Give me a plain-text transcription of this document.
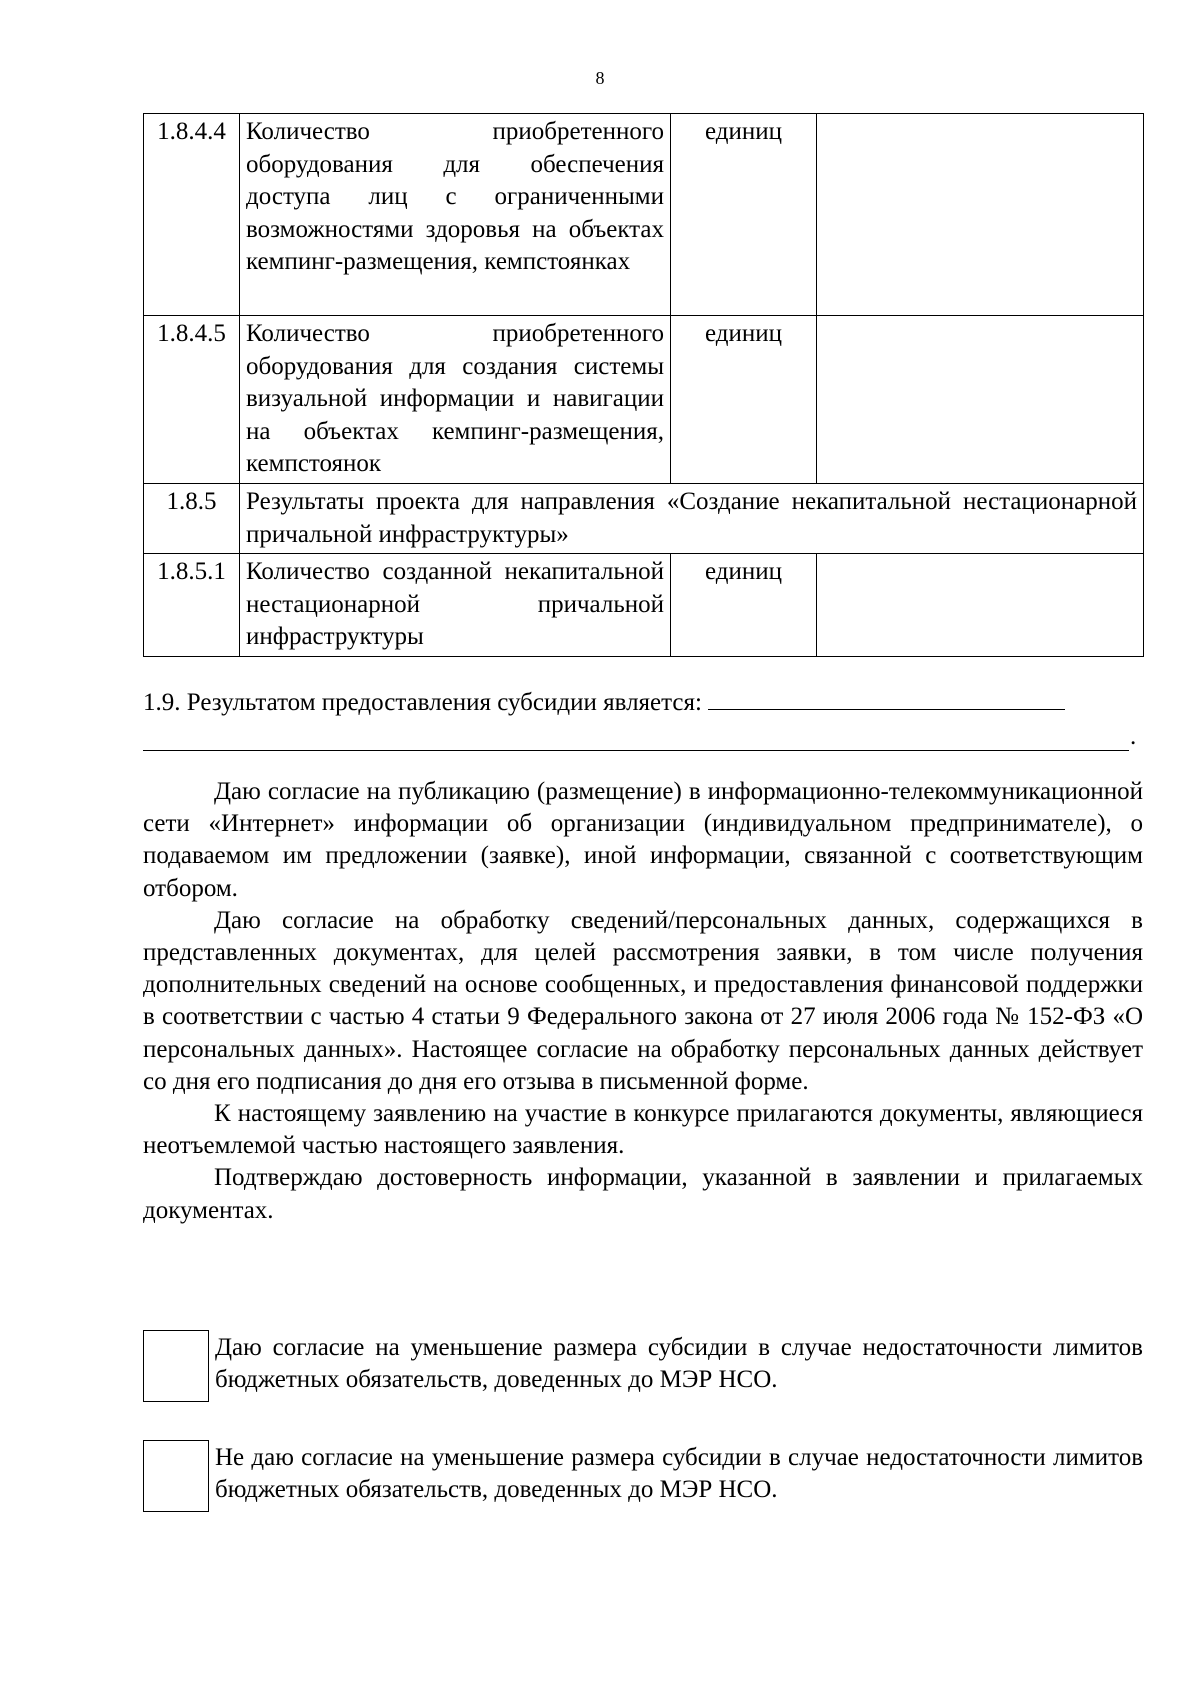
8
1.8.4.4	Количество приобретенного оборудования для обеспечения доступа лиц с ограниченными возможностями здоровья на объектах кемпинг-размещения, кемпстоянках	единиц	
1.8.4.5	Количество приобретенного оборудования для создания системы визуальной информации и навигации на объектах кемпинг-размещения, кемпстоянок	единиц	
1.8.5	Результаты проекта для направления «Создание некапитальной нестационарной причальной инфраструктуры»		
1.8.5.1	Количество созданной некапитальной нестационарной причальной инфраструктуры	единиц	
1.9. Результатом предоставления субсидии является:
.

Даю согласие на публикацию (размещение) в информационно-телекоммуникационной сети «Интернет» информации об организации (индивидуальном предпринимателе), о подаваемом им предложении (заявке), иной информации, связанной с соответствующим отбором.

Даю согласие на обработку сведений/персональных данных, содержащихся в представленных документах, для целей рассмотрения заявки, в том числе получения дополнительных сведений на основе сообщенных, и предоставления финансовой поддержки в соответствии с частью 4 статьи 9 Федерального закона от 27 июля 2006 года № 152-ФЗ «О персональных данных». Настоящее согласие на обработку персональных данных действует со дня его подписания до дня его отзыва в письменной форме.

К настоящему заявлению на участие в конкурсе прилагаются документы, являющиеся неотъемлемой частью настоящего заявления.

Подтверждаю достоверность информации, указанной в заявлении и прилагаемых документах.

Даю согласие на уменьшение размера субсидии в случае недостаточности лимитов бюджетных обязательств, доведенных до МЭР НСО.
Не даю согласие на уменьшение размера субсидии в случае недостаточности лимитов бюджетных обязательств, доведенных до МЭР НСО.
